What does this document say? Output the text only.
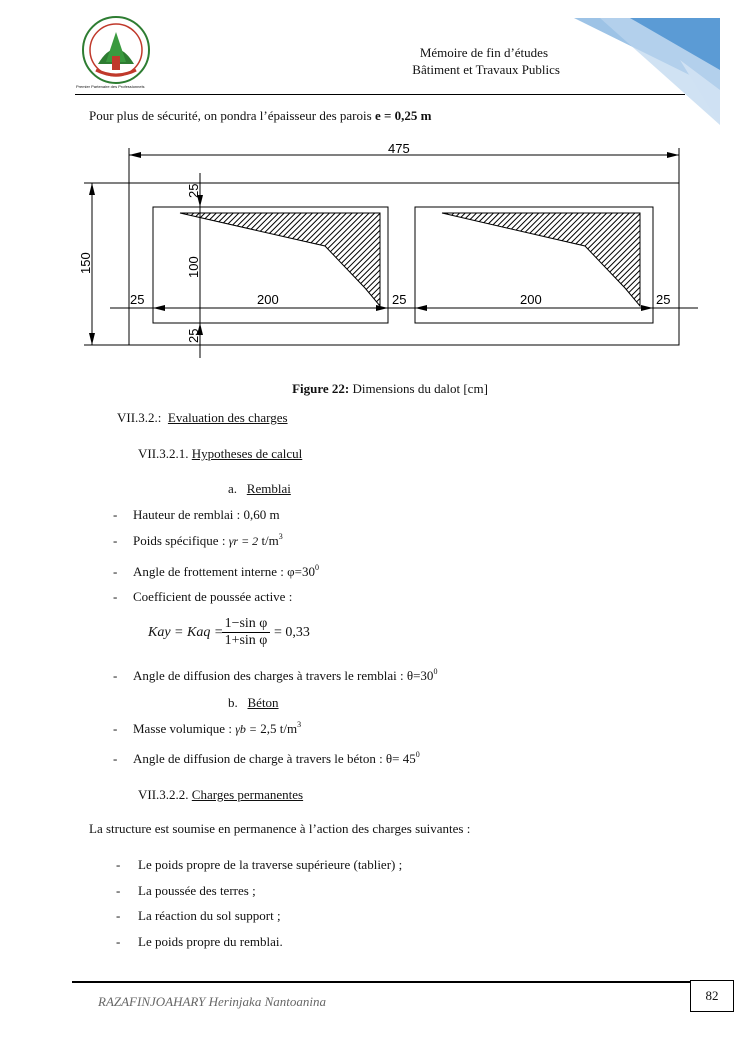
Premier Partenaire des Professionnels
Mémoire de fin d’études
Bâtiment et Travaux Publics
Pour plus de sécurité, on pondra l’épaisseur des parois e = 0,25 m
475
150
25
100
25
25	200	25	200	25
Figure 22: Dimensions du dalot [cm]
VII.3.2.: Evaluation des charges
VII.3.2.1. Hypotheses de calcul
a. Remblai
- Hauteur de remblai : 0,60 m
- Poids spécifique : γr = 2 $t/m^3$
- Angle de frottement interne : $\varphi=30^0$
- Coefficient de poussée active :
Kay = Kaq =
$\frac{\text{1−sin φ}}{\text{1+sin φ}} = 0,33$
- Angle de diffusion des charges à travers le remblai : $\theta=30^0$
b. Béton
- Masse volumique : γb = 2,5 $t/m^3$
- Angle de diffusion de charge à travers le béton : $\theta= 45^0$
VII.3.2.2. Charges permanentes
La structure est soumise en permanence à l’action des charges suivantes :
- Le poids propre de la traverse supérieure (tablier) ;
- La poussée des terres ;
- La réaction du sol support ;
- Le poids propre du remblai.
RAZAFINJOAHARY Herinjaka Nantoanina	82
